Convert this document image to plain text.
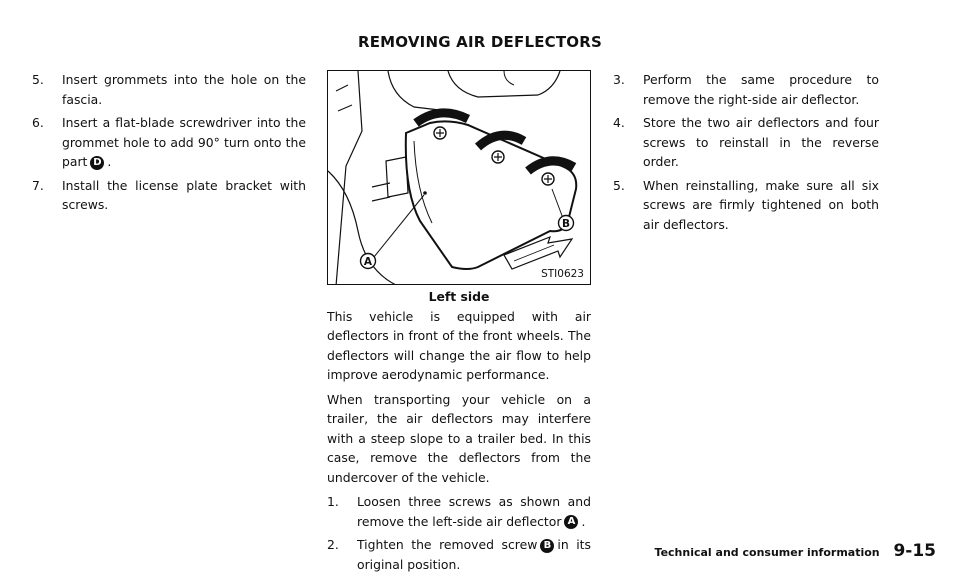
REMOVING AIR DEFLECTORS
5.	Insert grommets into the hole on the fascia.
6.	Insert a flat-blade screwdriver into the grommet hole to add 90° turn onto the part D .
7.	Install the license plate bracket with screws.
A
B
STI0623
Left side
This vehicle is equipped with air deflectors in front of the front wheels. The deflectors will change the air flow to help improve aerodynamic performance.
When transporting your vehicle on a trailer, the air deflectors may interfere with a steep slope to a trailer bed. In this case, remove the deflectors from the undercover of the vehicle.
1.	Loosen three screws as shown and remove the left-side air deflector A .
2.	Tighten the removed screw B in its original position.
3.	Perform the same procedure to remove the right-side air deflector.
4.	Store the two air deflectors and four screws to reinstall in the reverse order.
5.	When reinstalling, make sure all six screws are firmly tightened on both air deflectors.
Technical and consumer information 9-15
